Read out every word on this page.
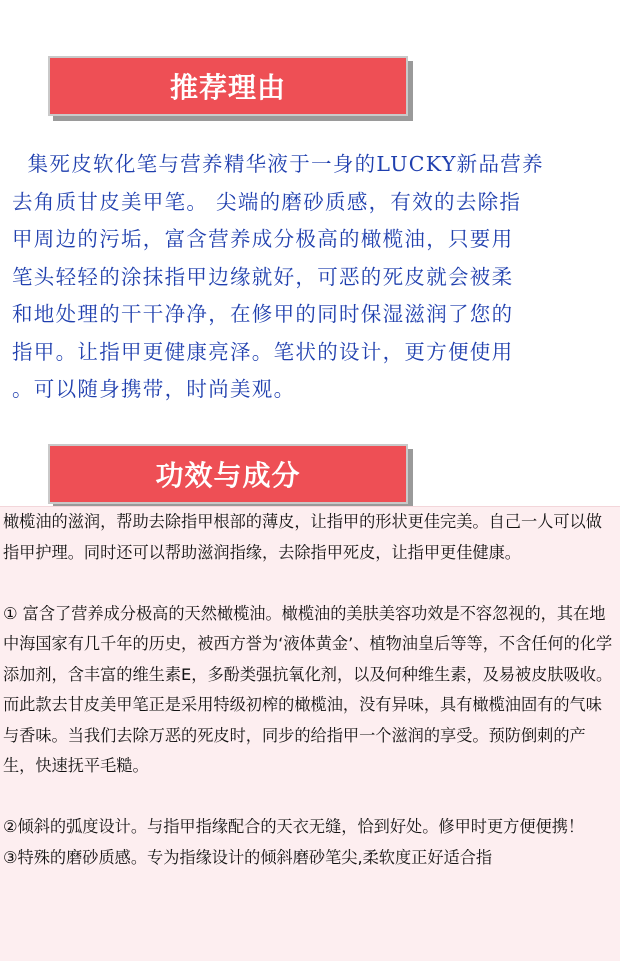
推荐理由

集死皮软化笔与营养精华液于一身的LUCKY新品营养

去角质甘皮美甲笔。 尖端的磨砂质感，有效的去除指

甲周边的污垢，富含营养成分极高的橄榄油，只要用

笔头轻轻的涂抹指甲边缘就好，可恶的死皮就会被柔

和地处理的干干净净，在修甲的同时保湿滋润了您的

指甲。让指甲更健康亮泽。笔状的设计，更方便使用

。可以随身携带，时尚美观。

功效与成分

橄榄油的滋润，帮助去除指甲根部的薄皮，让指甲的形状更佳完美。自己一人可以做指甲护理。同时还可以帮助滋润指缘，去除指甲死皮，让指甲更佳健康。

① 富含了营养成分极高的天然橄榄油。橄榄油的美肤美容功效是不容忽视的，其在地中海国家有几千年的历史，被西方誉为‘液体黄金’、植物油皇后等等，不含任何的化学添加剂，含丰富的维生素E，多酚类强抗氧化剂，以及何种维生素，及易被皮肤吸收。而此款去甘皮美甲笔正是采用特级初榨的橄榄油，没有异味，具有橄榄油固有的气味与香味。当我们去除万恶的死皮时，同步的给指甲一个滋润的享受。预防倒刺的产生，快速抚平毛糙。

②倾斜的弧度设计。与指甲指缘配合的天衣无缝，恰到好处。修甲时更方便便携！

③特殊的磨砂质感。专为指缘设计的倾斜磨砂笔尖,柔软度正好适合指
